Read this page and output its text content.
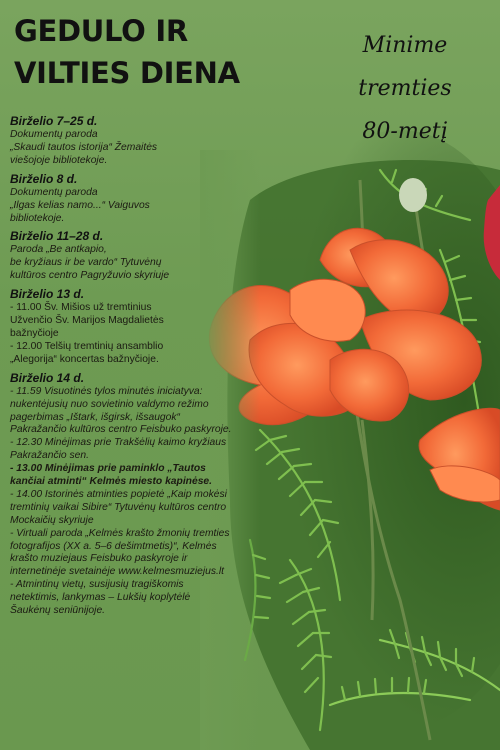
GEDULO IR
VILTIES DIENA
Minime
tremties
80-metį
Birželio 7–25 d.
Dokumentų paroda
„Skaudi tautos istorija“ Žemaitės
viešojoje bibliotekoje.
Birželio 8 d.
Dokumentų paroda
„Ilgas kelias namo...“ Vaiguvos
bibliotekoje.
Birželio 11–28 d.
Paroda „Be antkapio,
be kryžiaus ir be vardo“ Tytuvėnų
kultūros centro Pagryžuvio skyriuje
Birželio 13 d.
- 11.00 Šv. Mišios už tremtinius
Užvenčio Šv. Marijos Magdalietės
bažnyčioje
- 12.00 Telšių tremtinių ansamblio
„Alegorija“ koncertas bažnyčioje.
Birželio 14 d.
- 11.59 Visuotinės tylos minutės iniciatyva:
nukentėjusių nuo sovietinio valdymo režimo
pagerbimas „Ištark, išgirsk, išsaugok“
Pakražančio kultūros centro Feisbuko paskyroje.
- 12.30 Minėjimas prie Trakšėlių kaimo kryžiaus
Pakražančio sen.
- 13.00 Minėjimas prie paminklo „Tautos
kančiai atminti“ Kelmės miesto kapinėse.
- 14.00 Istorinės atminties popietė „Kaip mokėsi
tremtinių vaikai Sibire“ Tytuvėnų kultūros centro
Mockaičių skyriuje
- Virtuali paroda „Kelmės krašto žmonių tremties
fotografijos (XX a. 5–6 dešimtmetis)“, Kelmės
krašto muziejaus Feisbuko paskyroje ir
internetinėje svetainėje www.kelmesmuziejus.lt
- Atmintinų vietų, susijusių tragiškomis
netektimis, lankymas – Lukšių koplytėlė
Šaukėnų seniūnijoje.
